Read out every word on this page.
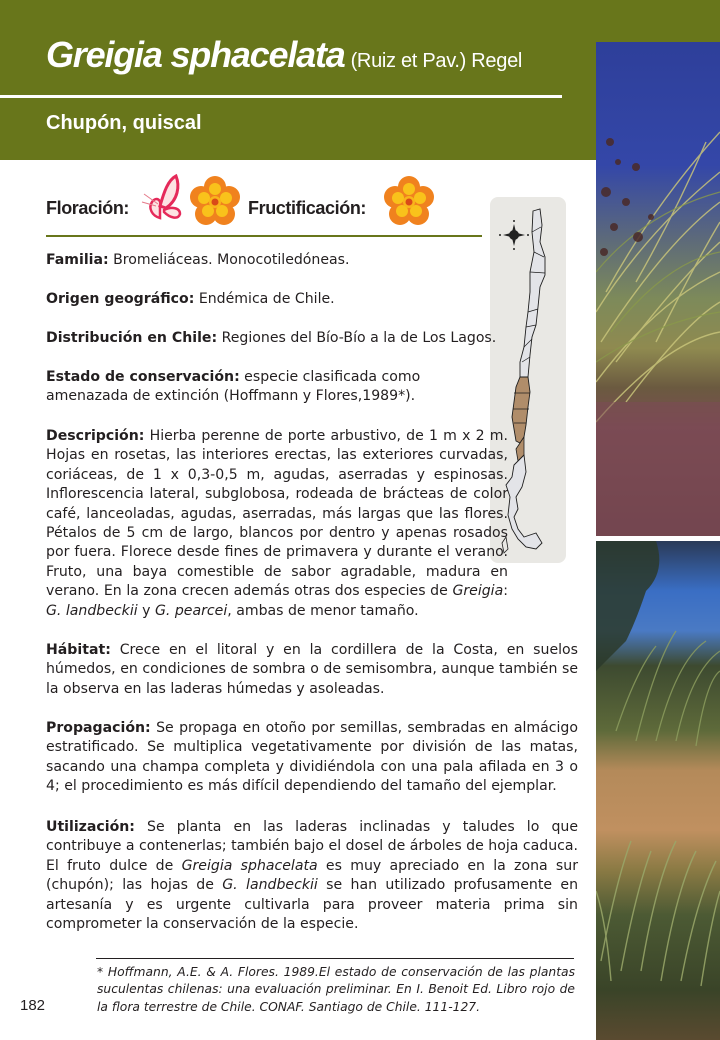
Greigia sphacelata (Ruiz et Pav.) Regel
Chupón, quiscal
Floración:	Fructificación:
Familia: Bromeliáceas. Monocotiledóneas.
Origen geográfico: Endémica de Chile.
Distribución en Chile: Regiones del Bío-Bío a la de Los Lagos.
Estado de conservación: especie clasificada como amenazada de extinción (Hoffmann y Flores,1989*).
Descripción: Hierba perenne de porte arbustivo, de 1 m x 2 m. Hojas en rosetas, las interiores erectas, las exteriores curvadas, coriáceas, de 1 x 0,3-0,5 m, agudas, aserradas y espinosas. Inflorescencia lateral, subglobosa, rodeada de brácteas de color café, lanceoladas, agudas, aserradas, más largas que las flores. Pétalos de 5 cm de largo, blancos por dentro y apenas rosados por fuera. Florece desde fines de primavera y durante el verano. Fruto, una baya comestible de sabor agradable, madura en verano. En la zona crecen además otras dos especies de Greigia: G. landbeckii y G. pearcei, ambas de menor tamaño.
Hábitat: Crece en el litoral y en la cordillera de la Costa, en suelos húmedos, en condiciones de sombra o de semisombra, aunque también se la observa en las laderas húmedas y asoleadas.
Propagación: Se propaga en otoño por semillas, sembradas en almácigo estratificado. Se multiplica vegetativamente por división de las matas, sacando una champa completa y dividiéndola con una pala afilada en 3 o 4; el procedimiento es más difícil dependiendo del tamaño del ejemplar.
Utilización: Se planta en las laderas inclinadas y taludes lo que contribuye a contenerlas; también bajo el dosel de árboles de hoja caduca. El fruto dulce de Greigia sphacelata es muy apreciado en la zona sur (chupón); las hojas de G. landbeckii se han utilizado profusamente en artesanía y es urgente cultivarla para proveer materia prima sin comprometer la conservación de la especie.
* Hoffmann, A.E. & A. Flores. 1989.El estado de conservación de las plantas suculentas chilenas: una evaluación preliminar. En I. Benoit Ed. Libro rojo de la flora terrestre de Chile. CONAF. Santiago de Chile. 111-127.
182
